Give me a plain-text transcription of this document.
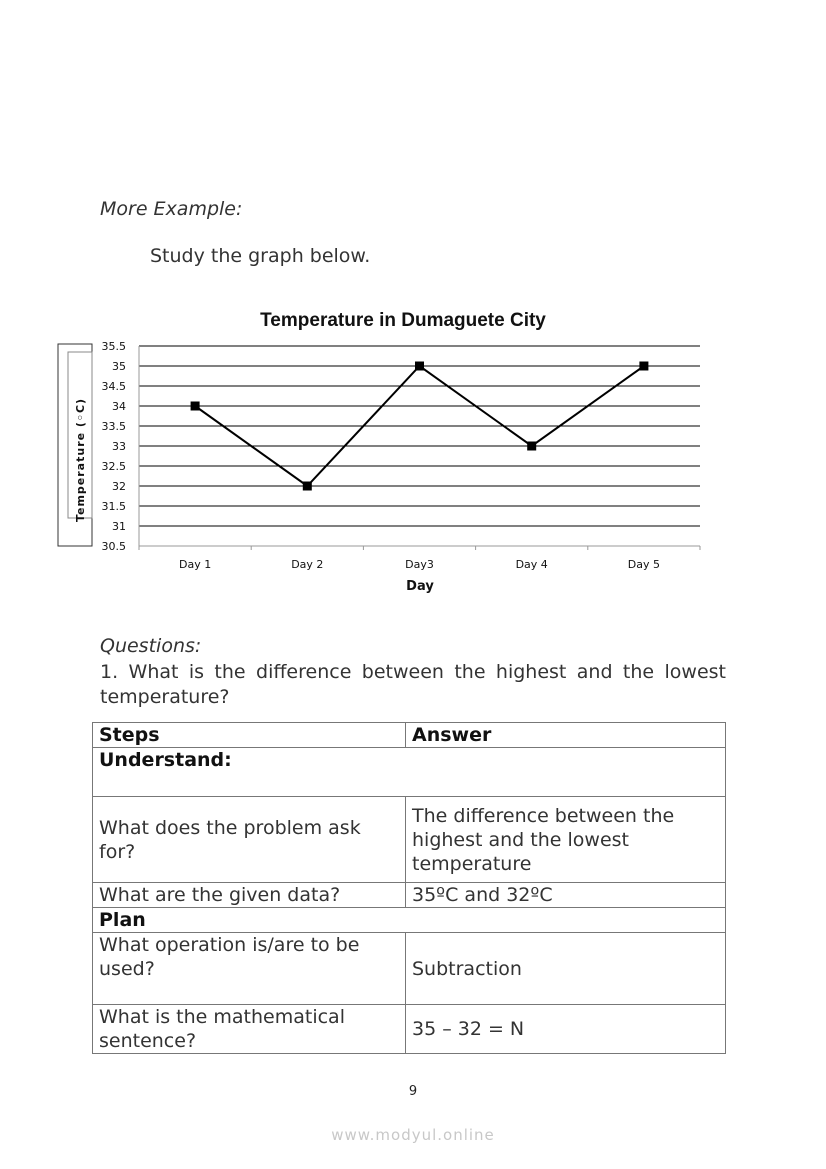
More Example:
Study the graph below.
Temperature in Dumaguete City
Temperature (◦C)
30.5
31
31.5
32
32.5
33
33.5
34
34.5
35
35.5
Day 1	Day 2	Day3	Day 4	Day 5
Day
Questions:
1. What is the difference between the highest and the lowest
temperature?
Steps	Answer
Understand:	
What does the problem ask for?	The difference between the highest and the lowest temperature
What are the given data?	35ºC and 32ºC
Plan	
What operation is/are to be used?	Subtraction
What is the mathematical sentence?	35 – 32 = N
9
www.modyul.online
